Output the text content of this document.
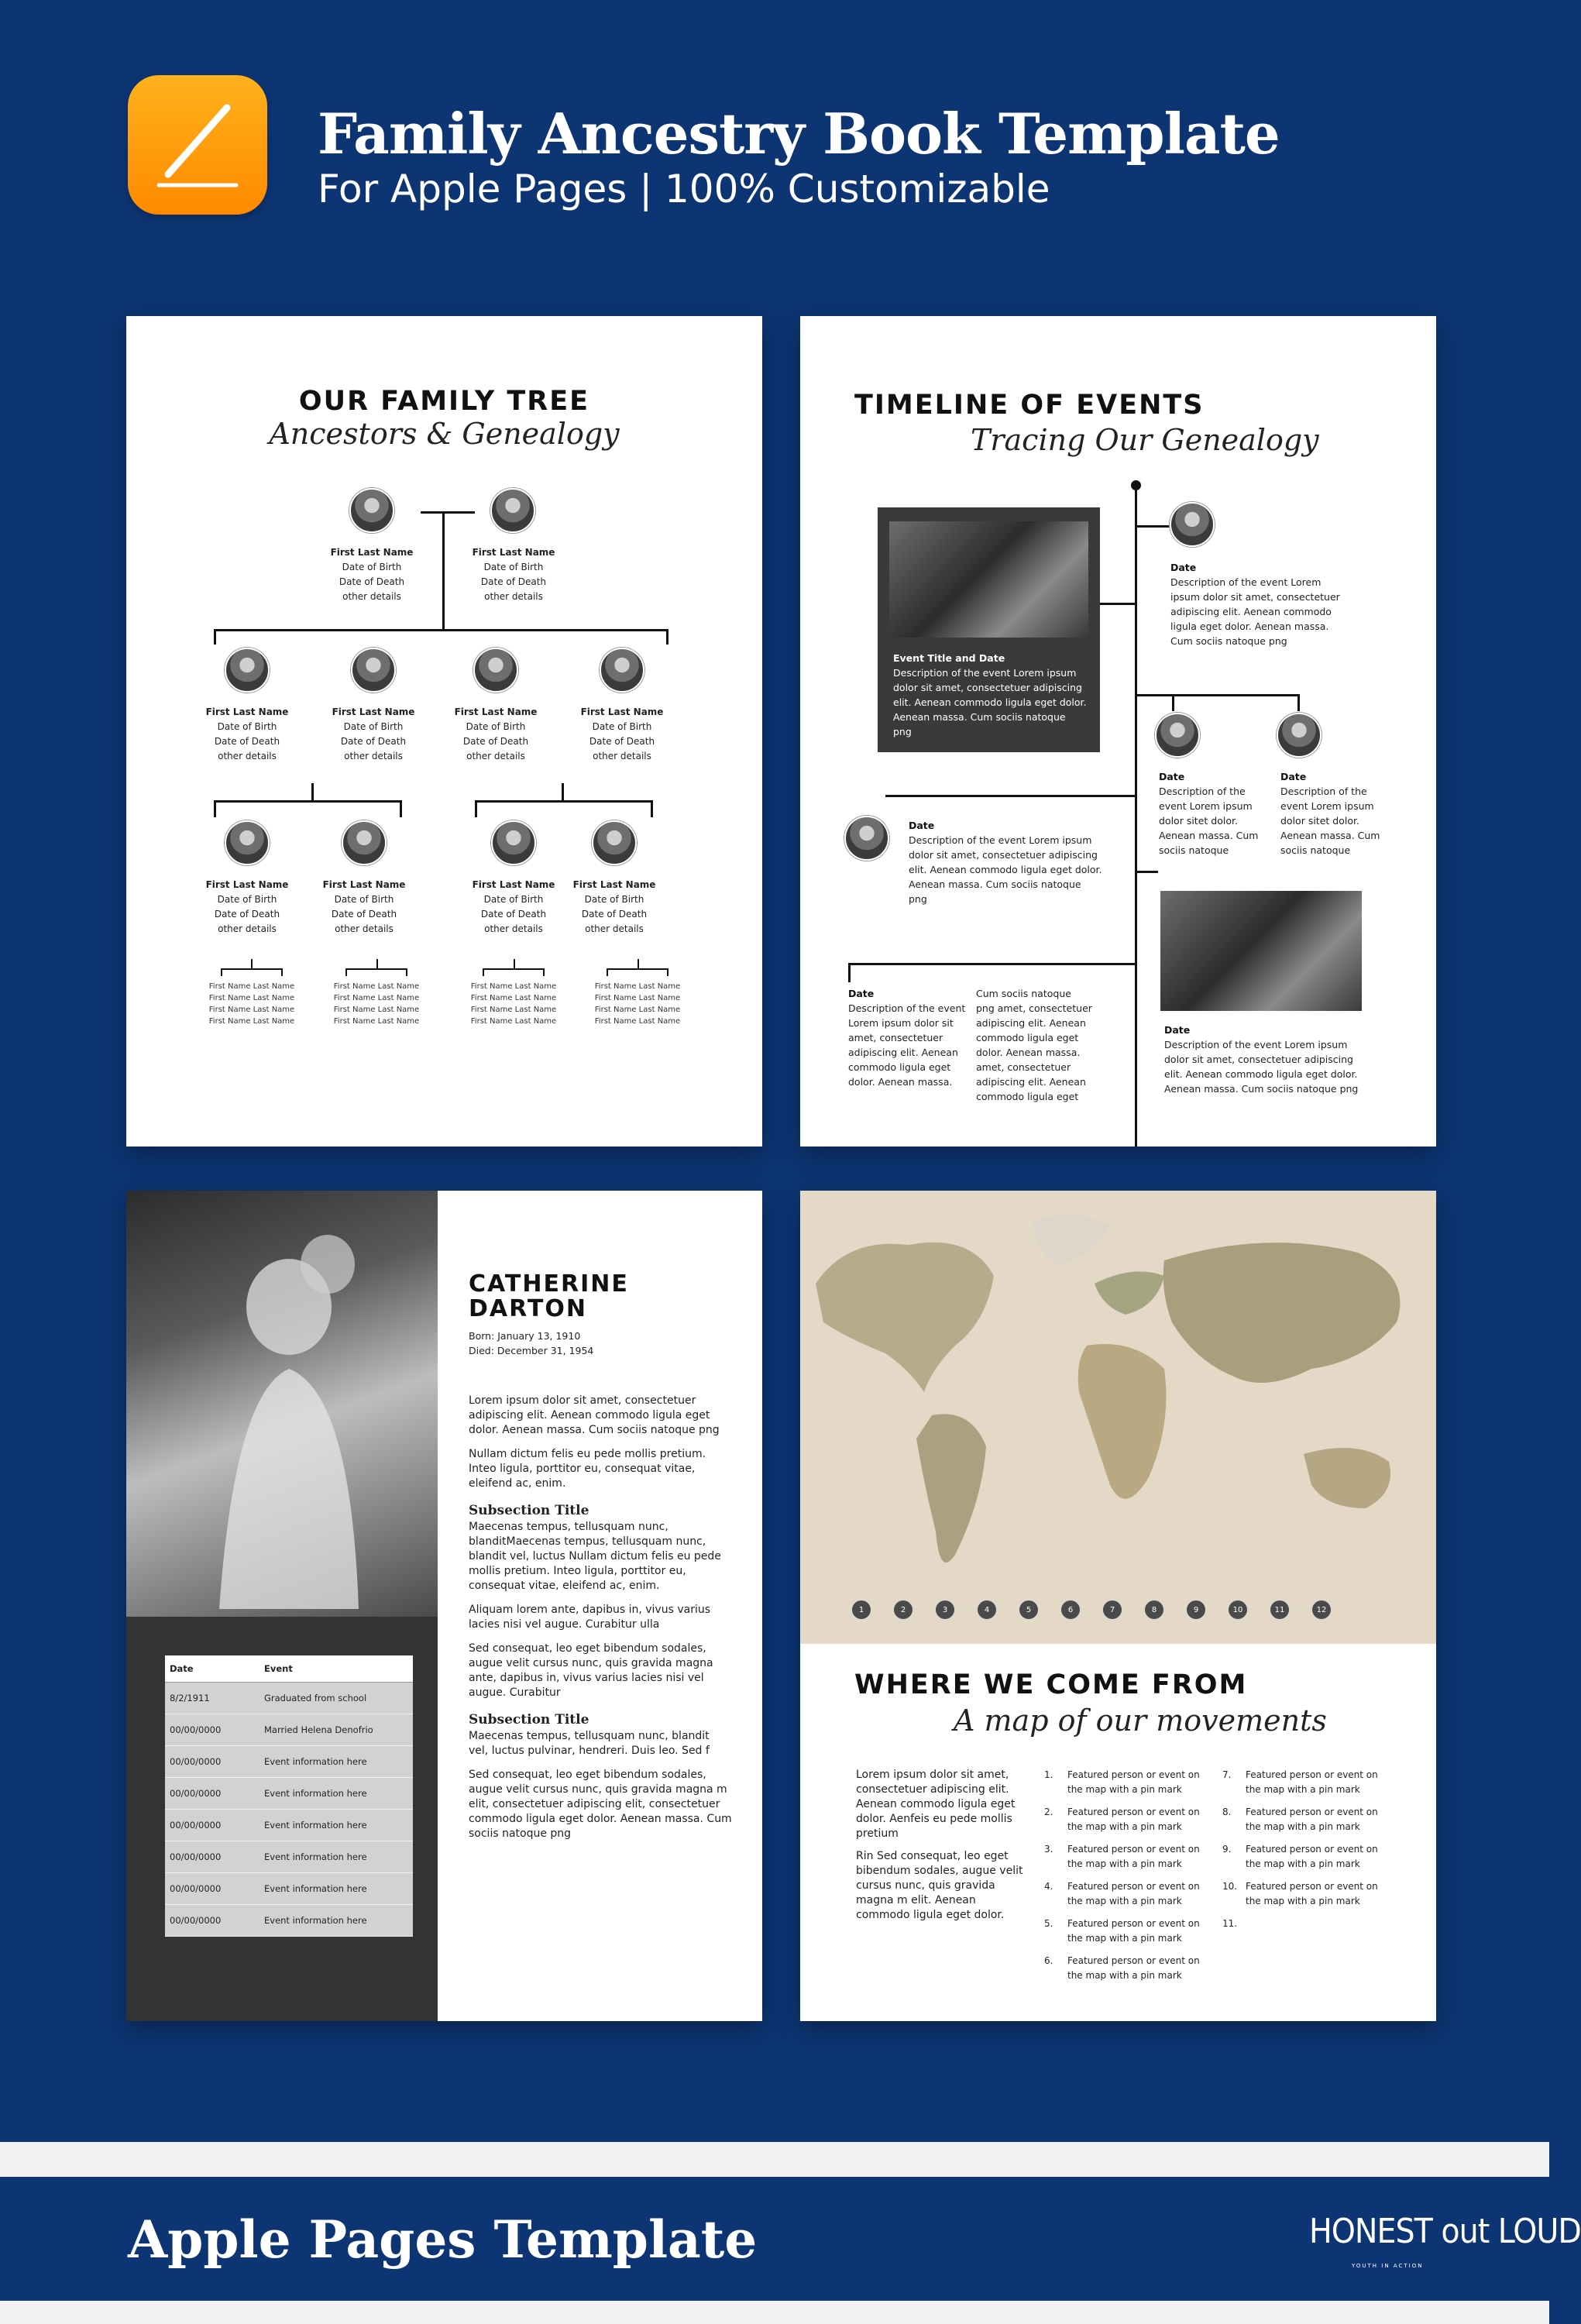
Family Ancestry Book Template
For Apple Pages | 100% Customizable
OUR FAMILY TREE
Ancestors & Genealogy
First Last Name
Date of Birth
Date of Death
other details
First Last Name
Date of Birth
Date of Death
other details
First Last Name
Date of Birth
Date of Death
other details
First Last Name
Date of Birth
Date of Death
other details
First Last Name
Date of Birth
Date of Death
other details
First Last Name
Date of Birth
Date of Death
other details
First Last Name
Date of Birth
Date of Death
other details
First Last Name
Date of Birth
Date of Death
other details
First Last Name
Date of Birth
Date of Death
other details
First Last Name
Date of Birth
Date of Death
other details
First Name Last Name
First Name Last Name
First Name Last Name
First Name Last Name
First Name Last Name
First Name Last Name
First Name Last Name
First Name Last Name
First Name Last Name
First Name Last Name
First Name Last Name
First Name Last Name
First Name Last Name
First Name Last Name
First Name Last Name
First Name Last Name
TIMELINE OF EVENTS
Tracing Our Genealogy
Event Title and Date
Description of the event Lorem ipsum dolor sit amet, consectetuer adipiscing elit. Aenean commodo ligula eget dolor. Aenean massa. Cum sociis natoque png
Date
Description of the event Lorem ipsum dolor sit amet, consectetuer adipiscing elit. Aenean commodo ligula eget dolor. Aenean massa. Cum sociis natoque png
Date
Description of the event Lorem ipsum dolor sitet dolor. Aenean massa. Cum sociis natoque
Date
Description of the event Lorem ipsum dolor sitet dolor. Aenean massa. Cum sociis natoque
Date
Description of the event Lorem ipsum dolor sit amet, consectetuer adipiscing elit. Aenean commodo ligula eget dolor. Aenean massa. Cum sociis natoque png
Date
Description of the event Lorem ipsum dolor sit amet, consectetuer adipiscing elit. Aenean commodo ligula eget dolor. Aenean massa. Cum sociis natoque png
Date
Description of the event Lorem ipsum dolor sit amet, consectetuer adipiscing elit. Aenean commodo ligula eget dolor. Aenean massa.
Cum sociis natoque png amet, consectetuer adipiscing elit. Aenean commodo ligula eget dolor. Aenean massa. amet, consectetuer adipiscing elit. Aenean commodo ligula eget
Date	Event
8/2/1911	Graduated from school
00/00/0000	Married Helena Denofrio
00/00/0000	Event information here
00/00/0000	Event information here
00/00/0000	Event information here
00/00/0000	Event information here
00/00/0000	Event information here
00/00/0000	Event information here
CATHERINE
DARTON
Born: January 13, 1910
Died: December 31, 1954

Lorem ipsum dolor sit amet, consectetuer adipiscing elit. Aenean commodo ligula eget dolor. Aenean massa. Cum sociis natoque png

Nullam dictum felis eu pede mollis pretium. Inteo ligula, porttitor eu, consequat vitae, eleifend ac, enim.

Subsection Title

Maecenas tempus, tellusquam nunc, blanditMaecenas tempus, tellusquam nunc, blandit vel, luctus Nullam dictum felis eu pede mollis pretium. Inteo ligula, porttitor eu, consequat vitae, eleifend ac, enim.

Aliquam lorem ante, dapibus in, vivus varius lacies nisi vel augue. Curabitur ulla

Sed consequat, leo eget bibendum sodales, augue velit cursus nunc, quis gravida magna ante, dapibus in, vivus varius lacies nisi vel augue. Curabitur

Subsection Title

Maecenas tempus, tellusquam nunc, blandit vel, luctus pulvinar, hendreri. Duis leo. Sed f

Sed consequat, leo eget bibendum sodales, augue velit cursus nunc, quis gravida magna m elit, consectetuer adipiscing elit, consectetuer commodo ligula eget dolor. Aenean massa. Cum sociis natoque png

1	2	3	4	5	6	7	8	9	10	11	12
WHERE WE COME FROM
A map of our movements

Lorem ipsum dolor sit amet, consectetuer adipiscing elit. Aenean commodo ligula eget dolor. Aenfeis eu pede mollis pretium

Rin Sed consequat, leo eget bibendum sodales, augue velit cursus nunc, quis gravida magna m elit. Aenean commodo ligula eget dolor.

1. Featured person or event on the map with a pin mark
2. Featured person or event on the map with a pin mark
3. Featured person or event on the map with a pin mark
4. Featured person or event on the map with a pin mark
5. Featured person or event on the map with a pin mark
6. Featured person or event on the map with a pin mark
7. Featured person or event on the map with a pin mark
8. Featured person or event on the map with a pin mark
9. Featured person or event on the map with a pin mark
10. Featured person or event on the map with a pin mark
11.
Apple Pages Template	HONEST out LOUD
YOUTH IN ACTION
